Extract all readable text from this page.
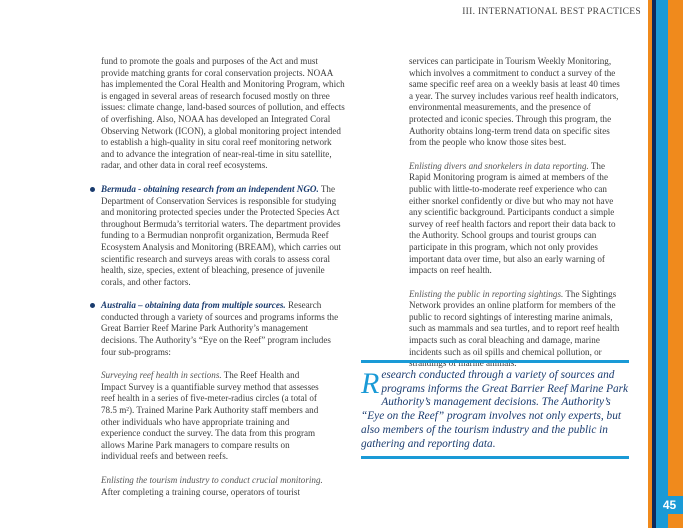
III. INTERNATIONAL BEST PRACTICES

fund to promote the goals and purposes of the Act and must provide matching grants for coral conservation projects. NOAA has implemented the Coral Health and Monitoring Program, which is engaged in several areas of research focused mostly on three issues: climate change, land-based sources of pollution, and effects of overfishing. Also, NOAA has developed an Integrated Coral Observing Network (ICON), a global monitoring project intended to establish a high-quality in situ coral reef monitoring network and to advance the integration of near-real-time in situ satellite, radar, and other data in coral reef ecosystems.

Bermuda - obtaining research from an independent NGO. The Department of Conservation Services is responsible for studying and monitoring protected species under the Protected Species Act throughout Bermuda’s territorial waters. The department provides funding to a Bermudian nonprofit organization, Bermuda Reef Ecosystem Analysis and Monitoring (BREAM), which carries out scientific research and surveys areas with corals to assess coral health, size, species, extent of bleaching, presence of juvenile corals, and other factors.

Australia – obtaining data from multiple sources. Research conducted through a variety of sources and programs informs the Great Barrier Reef Marine Park Authority’s management decisions. The Authority’s “Eye on the Reef” program includes four sub-programs:

Surveying reef health in sections. The Reef Health and Impact Survey is a quantifiable survey method that assesses reef health in a series of five-meter-radius circles (a total of 78.5 m²). Trained Marine Park Authority staff members and other individuals who have appropriate training and experience conduct the survey. The data from this program allows Marine Park managers to compare results on individual reefs and between reefs.

Enlisting the tourism industry to conduct crucial monitoring. After completing a training course, operators of tourist

services can participate in Tourism Weekly Monitoring, which involves a commitment to conduct a survey of the same specific reef area on a weekly basis at least 40 times a year. The survey includes various reef health indicators, environmental measurements, and the presence of protected and iconic species. Through this program, the Authority obtains long-term trend data on specific sites from the people who know those sites best.

Enlisting divers and snorkelers in data reporting. The Rapid Monitoring program is aimed at members of the public with little-to-moderate reef experience who can either snorkel confidently or dive but who may not have any scientific background. Participants conduct a simple survey of reef health factors and report their data back to the Authority. School groups and tourist groups can participate in this program, which not only provides important data over time, but also an early warning of impacts on reef health.

Enlisting the public in reporting sightings. The Sightings Network provides an online platform for members of the public to record sightings of interesting marine animals, such as mammals and sea turtles, and to report reef health impacts such as coral bleaching and damage, marine incidents such as oil spills and chemical pollution, or strandings of marine animals.

Research conducted through a variety of sources and programs informs the Great Barrier Reef Marine Park Authority’s management decisions. The Authority’s “Eye on the Reef” program involves not only experts, but also members of the tourism industry and the public in gathering and reporting data.

45
